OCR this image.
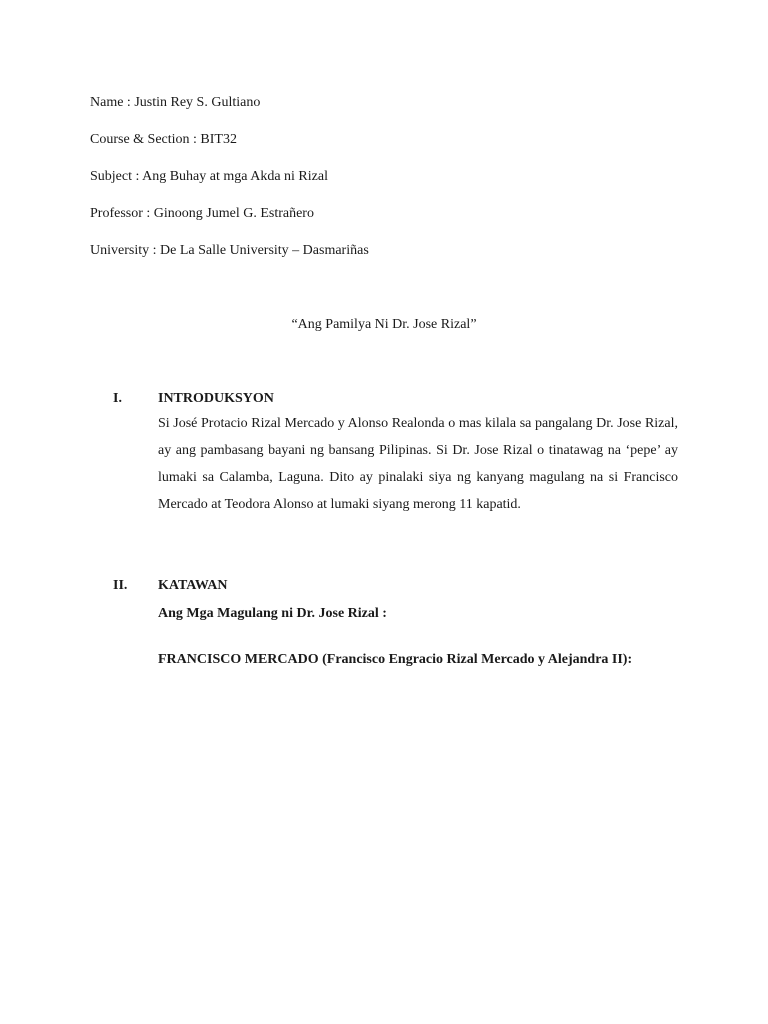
Name : Justin Rey S. Gultiano
Course & Section : BIT32
Subject : Ang Buhay at mga Akda ni Rizal
Professor : Ginoong Jumel G. Estrañero
University : De La Salle University – Dasmariñas
“Ang Pamilya Ni Dr. Jose Rizal”
I.	INTRODUKSYON

Si José Protacio Rizal Mercado y Alonso Realonda o mas kilala sa pangalang Dr. Jose Rizal, ay ang pambasang bayani ng bansang Pilipinas. Si Dr. Jose Rizal o tinatawag na ‘pepe’ ay lumaki sa Calamba, Laguna. Dito ay pinalaki siya ng kanyang magulang na si Francisco Mercado at Teodora Alonso at lumaki siyang merong 11 kapatid.

II. KATAWAN

Ang Mga Magulang ni Dr. Jose Rizal :

FRANCISCO MERCADO (Francisco Engracio Rizal Mercado y Alejandra II):
